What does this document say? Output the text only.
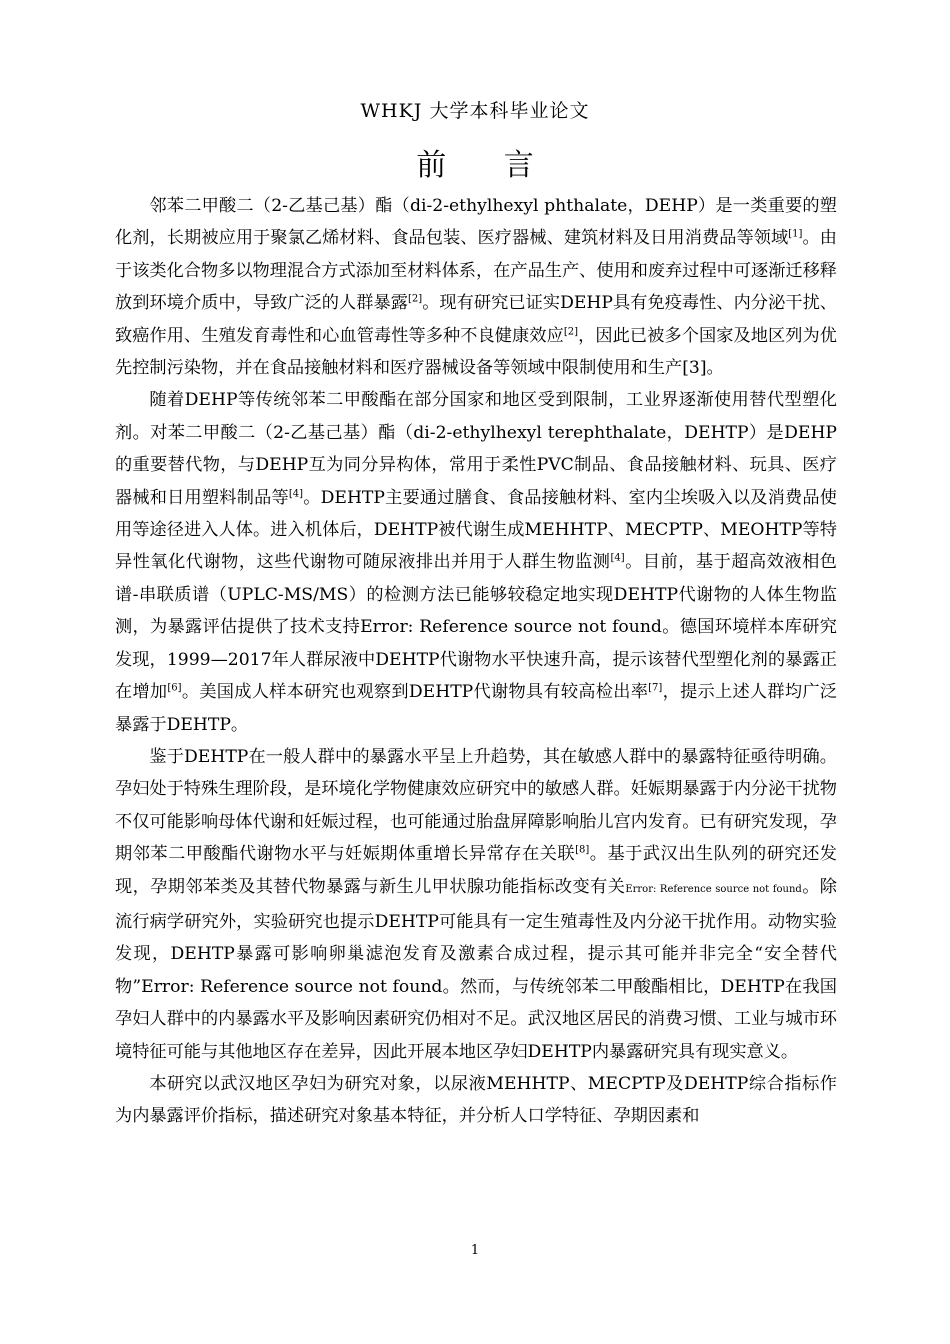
WHKJ 大学本科毕业论文
前 言

邻苯二甲酸二（2-乙基己基）酯（di-2-ethylhexyl phthalate，DEHP）是一类重要的塑化剂，长期被应用于聚氯乙烯材料、食品包装、医疗器械、建筑材料及日用消费品等领域[1]。由于该类化合物多以物理混合方式添加至材料体系，在产品生产、使用和废弃过程中可逐渐迁移释放到环境介质中，导致广泛的人群暴露[2]。现有研究已证实DEHP具有免疫毒性、内分泌干扰、致癌作用、生殖发育毒性和心血管毒性等多种不良健康效应[2]，因此已被多个国家及地区列为优先控制污染物，并在食品接触材料和医疗器械设备等领域中限制使用和生产[3]。

随着DEHP等传统邻苯二甲酸酯在部分国家和地区受到限制，工业界逐渐使用替代型塑化剂。对苯二甲酸二（2-乙基己基）酯（di-2-ethylhexyl terephthalate，DEHTP）是DEHP的重要替代物，与DEHP互为同分异构体，常用于柔性PVC制品、食品接触材料、玩具、医疗器械和日用塑料制品等[4]。DEHTP主要通过膳食、食品接触材料、室内尘埃吸入以及消费品使用等途径进入人体。进入机体后，DEHTP被代谢生成MEHHTP、MECPTP、MEOHTP等特异性氧化代谢物，这些代谢物可随尿液排出并用于人群生物监测[4]。目前，基于超高效液相色谱-串联质谱（UPLC-MS/MS）的检测方法已能够较稳定地实现DEHTP代谢物的人体生物监测，为暴露评估提供了技术支持Error: Reference source not found。德国环境样本库研究发现，1999—2017年人群尿液中DEHTP代谢物水平快速升高，提示该替代型塑化剂的暴露正在增加[6]。美国成人样本研究也观察到DEHTP代谢物具有较高检出率[7]，提示上述人群均广泛暴露于DEHTP。

鉴于DEHTP在一般人群中的暴露水平呈上升趋势，其在敏感人群中的暴露特征亟待明确。孕妇处于特殊生理阶段，是环境化学物健康效应研究中的敏感人群。妊娠期暴露于内分泌干扰物不仅可能影响母体代谢和妊娠过程，也可能通过胎盘屏障影响胎儿宫内发育。已有研究发现，孕期邻苯二甲酸酯代谢物水平与妊娠期体重增长异常存在关联[8]。基于武汉出生队列的研究还发现，孕期邻苯类及其替代物暴露与新生儿甲状腺功能指标改变有关Error: Reference source not found。除流行病学研究外，实验研究也提示DEHTP可能具有一定生殖毒性及内分泌干扰作用。动物实验发现，DEHTP暴露可影响卵巢滤泡发育及激素合成过程，提示其可能并非完全“安全替代物”Error: Reference source not found。然而，与传统邻苯二甲酸酯相比，DEHTP在我国孕妇人群中的内暴露水平及影响因素研究仍相对不足。武汉地区居民的消费习惯、工业与城市环境特征可能与其他地区存在差异，因此开展本地区孕妇DEHTP内暴露研究具有现实意义。

本研究以武汉地区孕妇为研究对象，以尿液MEHHTP、MECPTP及DEHTP综合指标作为内暴露评价指标，描述研究对象基本特征，并分析人口学特征、孕期因素和

1
